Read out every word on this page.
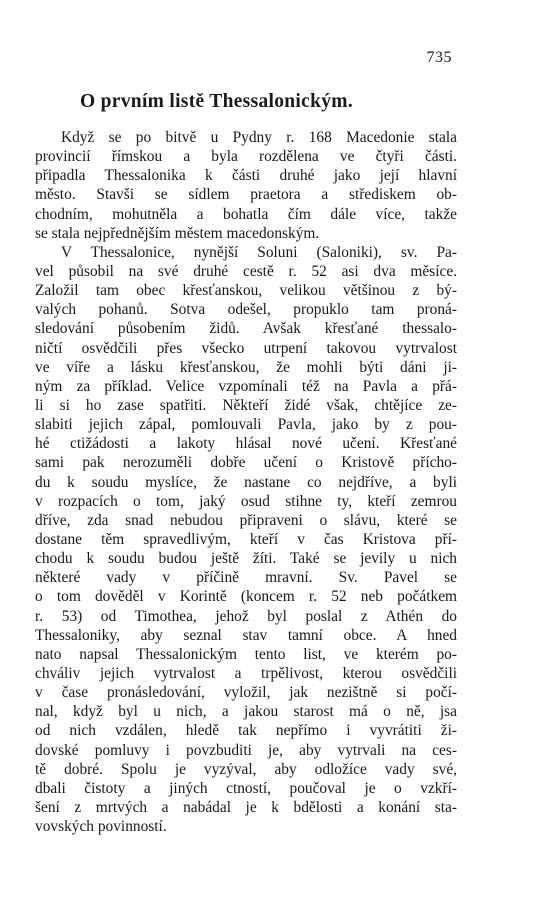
735
O prvním listě Thessalonickým.
Když se po bitvě u Pydny r. 168 Macedonie stala
provincií římskou a byla rozdělena ve čtyři části.
připadla Thessalonika k části druhé jako její hlavní
město. Stavši se sídlem praetora a střediskem ob-
chodním, mohutněla a bohatla čím dále více, takže
se stala nejpřednějším městem macedonským.
V Thessalonice, nynější Soluni (Saloniki), sv. Pa-
vel působil na své druhé cestě r. 52 asi dva měsíce.
Založil tam obec křesťanskou, velikou většinou z bý-
valých pohanů. Sotva odešel, propuklo tam proná-
sledování působením židů. Avšak křesťané thessalo-
ničtí osvědčili přes všecko utrpení takovou vytrvalost
ve víře a lásku křesťanskou, že mohli býti dáni ji-
ným za příklad. Velice vzpomínali též na Pavla a přá-
li si ho zase spatřiti. Někteří židé však, chtějíce ze-
slabiti jejich zápal, pomlouvali Pavla, jako by z pou-
hé ctižádosti a lakoty hlásal nové učení. Křesťané
sami pak nerozuměli dobře učení o Kristově přícho-
du k soudu myslíce, že nastane co nejdříve, a byli
v rozpacích o tom, jaký osud stihne ty, kteří zemrou
dříve, zda snad nebudou připraveni o slávu, které se
dostane těm spravedlivým, kteří v čas Kristova pří-
chodu k soudu budou ještě žíti. Také se jevily u nich
některé vady v příčině mravní. Sv. Pavel se
o tom dověděl v Korintě (koncem r. 52 neb počátkem
r. 53) od Timothea, jehož byl poslal z Athén do
Thessaloniky, aby seznal stav tamní obce. A hned
nato napsal Thessalonickým tento list, ve kterém po-
chváliv jejich vytrvalost a trpělivost, kterou osvědčili
v čase pronásledování, vyložil, jak nezištně si počí-
nal, když byl u nich, a jakou starost má o ně, jsa
od nich vzdálen, hledě tak nepřímo i vyvrátiti ži-
dovské pomluvy i povzbuditi je, aby vytrvali na ces-
tě dobré. Spolu je vyzýval, aby odložíce vady své,
dbali čistoty a jiných ctností, poučoval je o vzkří-
šení z mrtvých a nabádal je k bdělosti a konání sta-
vovských povinností.
